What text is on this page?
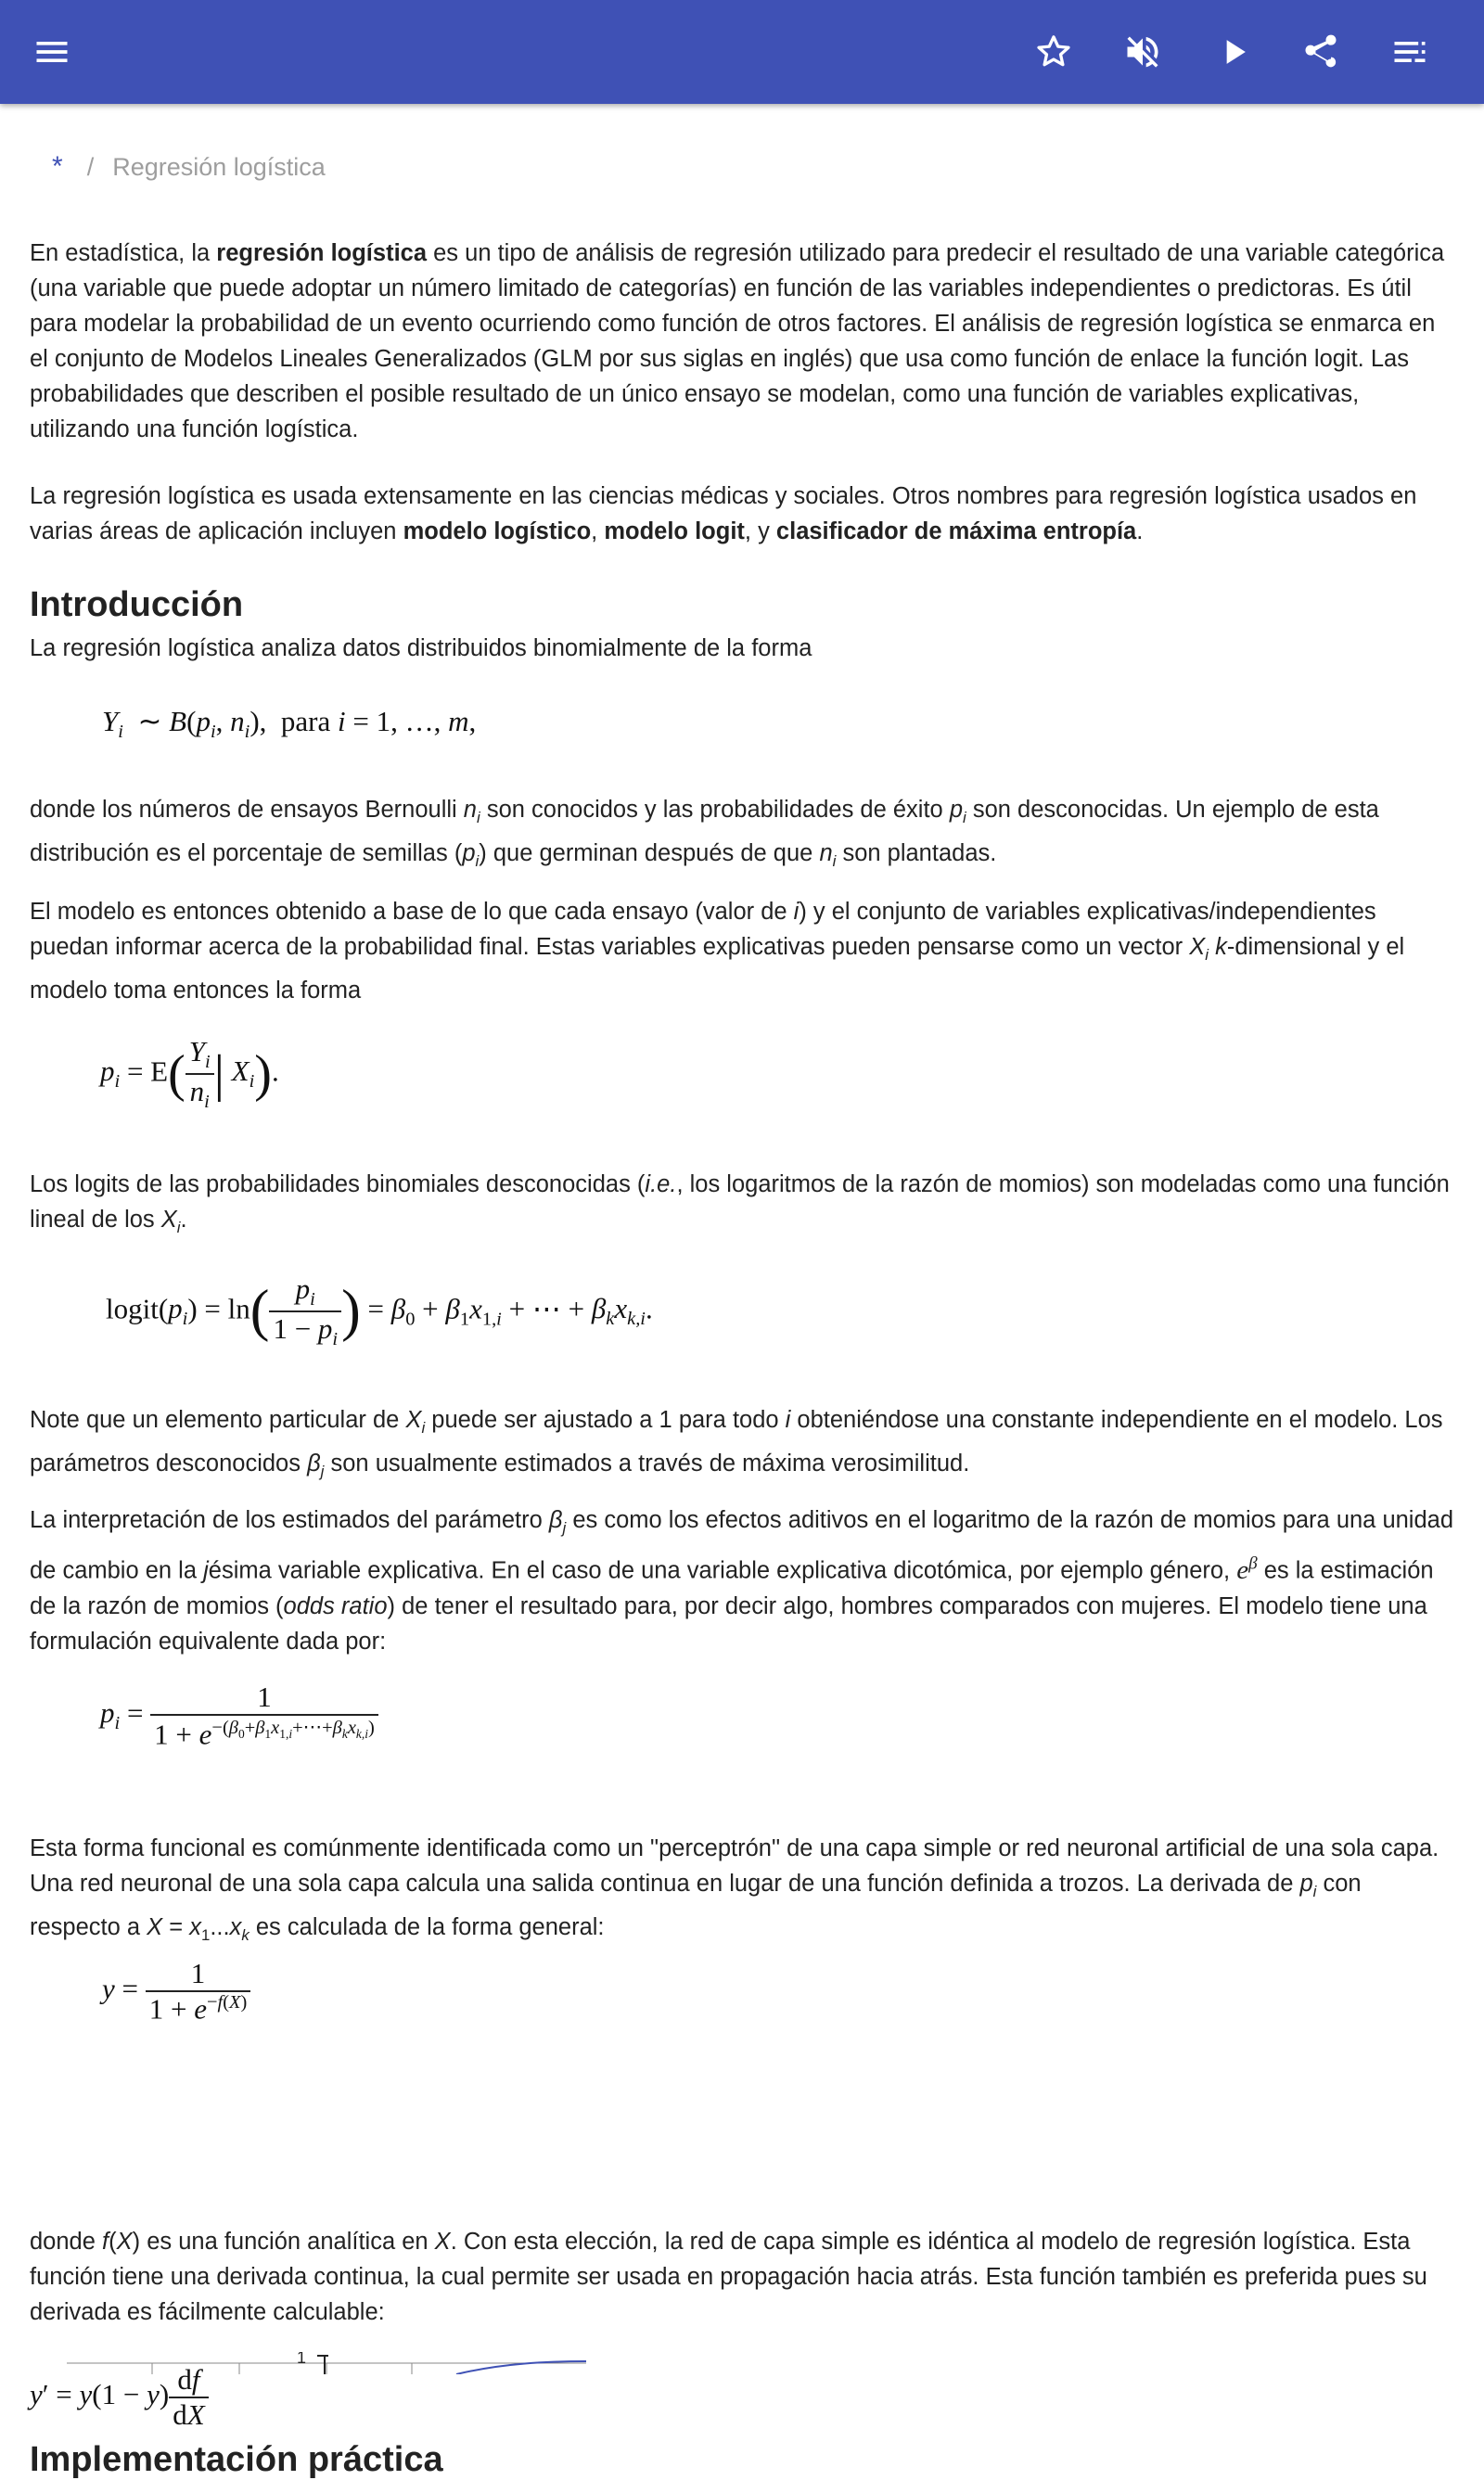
* / Regresión logística

En estadística, la regresión logística es un tipo de análisis de regresión utilizado para predecir el resultado de una variable categórica (una variable que puede adoptar un número limitado de categorías) en función de las variables independientes o predictoras. Es útil para modelar la probabilidad de un evento ocurriendo como función de otros factores. El análisis de regresión logística se enmarca en el conjunto de Modelos Lineales Generalizados (GLM por sus siglas en inglés) que usa como función de enlace la función logit. Las probabilidades que describen el posible resultado de un único ensayo se modelan, como una función de variables explicativas, utilizando una función logística.

La regresión logística es usada extensamente en las ciencias médicas y sociales. Otros nombres para regresión logística usados en varias áreas de aplicación incluyen modelo logístico, modelo logit, y clasificador de máxima entropía.

Introducción

La regresión logística analiza datos distribuidos binomialmente de la forma

$Y_i$  ∼ $B(p_i$, $n_i$),  para i = 1, …, m,

donde los números de ensayos Bernoulli $n_i$ son conocidos y las probabilidades de éxito $p_i$ son desconocidas. Un ejemplo de esta distribución es el porcentaje de semillas $(p_i)$ que germinan después de que $n_i$ son plantadas.

El modelo es entonces obtenido a base de lo que cada ensayo (valor de i) y el conjunto de variables explicativas/independientes puedan informar acerca de la probabilidad final. Estas variables explicativas pueden pensarse como un vector $X_i$ k-dimensional y el modelo toma entonces la forma

$p_i = E( \frac{Y_i}{n_i}$ | $X_i$).

Los logits de las probabilidades binomiales desconocidas (i.e., los logaritmos de la razón de momios) son modeladas como una función lineal de los $X_i$.

$logit(p_i) = \ln( \frac{p_i}{1 - p_i}$ ) = $\beta_0 + \beta_1x_{1,i}$ + ⋯ + $\beta_kx_{k,i}$.

Note que un elemento particular de $X_i$ puede ser ajustado a 1 para todo i obteniéndose una constante independiente en el modelo. Los parámetros desconocidos $\beta_j$ son usualmente estimados a través de máxima verosimilitud.

La interpretación de los estimados del parámetro $\beta_j$ es como los efectos aditivos en el logaritmo de la razón de momios para una unidad de cambio en la jésima variable explicativa. En el caso de una variable explicativa dicotómica, por ejemplo género, $e^\beta$ es la estimación de la razón de momios (odds ratio) de tener el resultado para, por decir algo, hombres comparados con mujeres. El modelo tiene una formulación equivalente dada por:

$p_i = \frac{1}{1 + e^{-(\beta_0+\beta_1x_{1,i}+\cdots+\beta_kx_{k,i})}}$

Esta forma funcional es comúnmente identificada como un "perceptrón" de una capa simple or red neuronal artificial de una sola capa. Una red neuronal de una sola capa calcula una salida continua en lugar de una función definida a trozos. La derivada de $p_i$ con respecto a $X = x_1...x_k$ es calculada de la forma general:

$y = \frac{1}{1 + e^{-f(X)}}$

donde f(X) es una función analítica en X. Con esta elección, la red de capa simple es idéntica al modelo de regresión logística. Esta función tiene una derivada continua, la cual permite ser usada en propagación hacia atrás. Esta función también es preferida pues su derivada es fácilmente calculable:

$y' = y(1 - y) \frac{df}{dX}$
Implementación práctica
1
